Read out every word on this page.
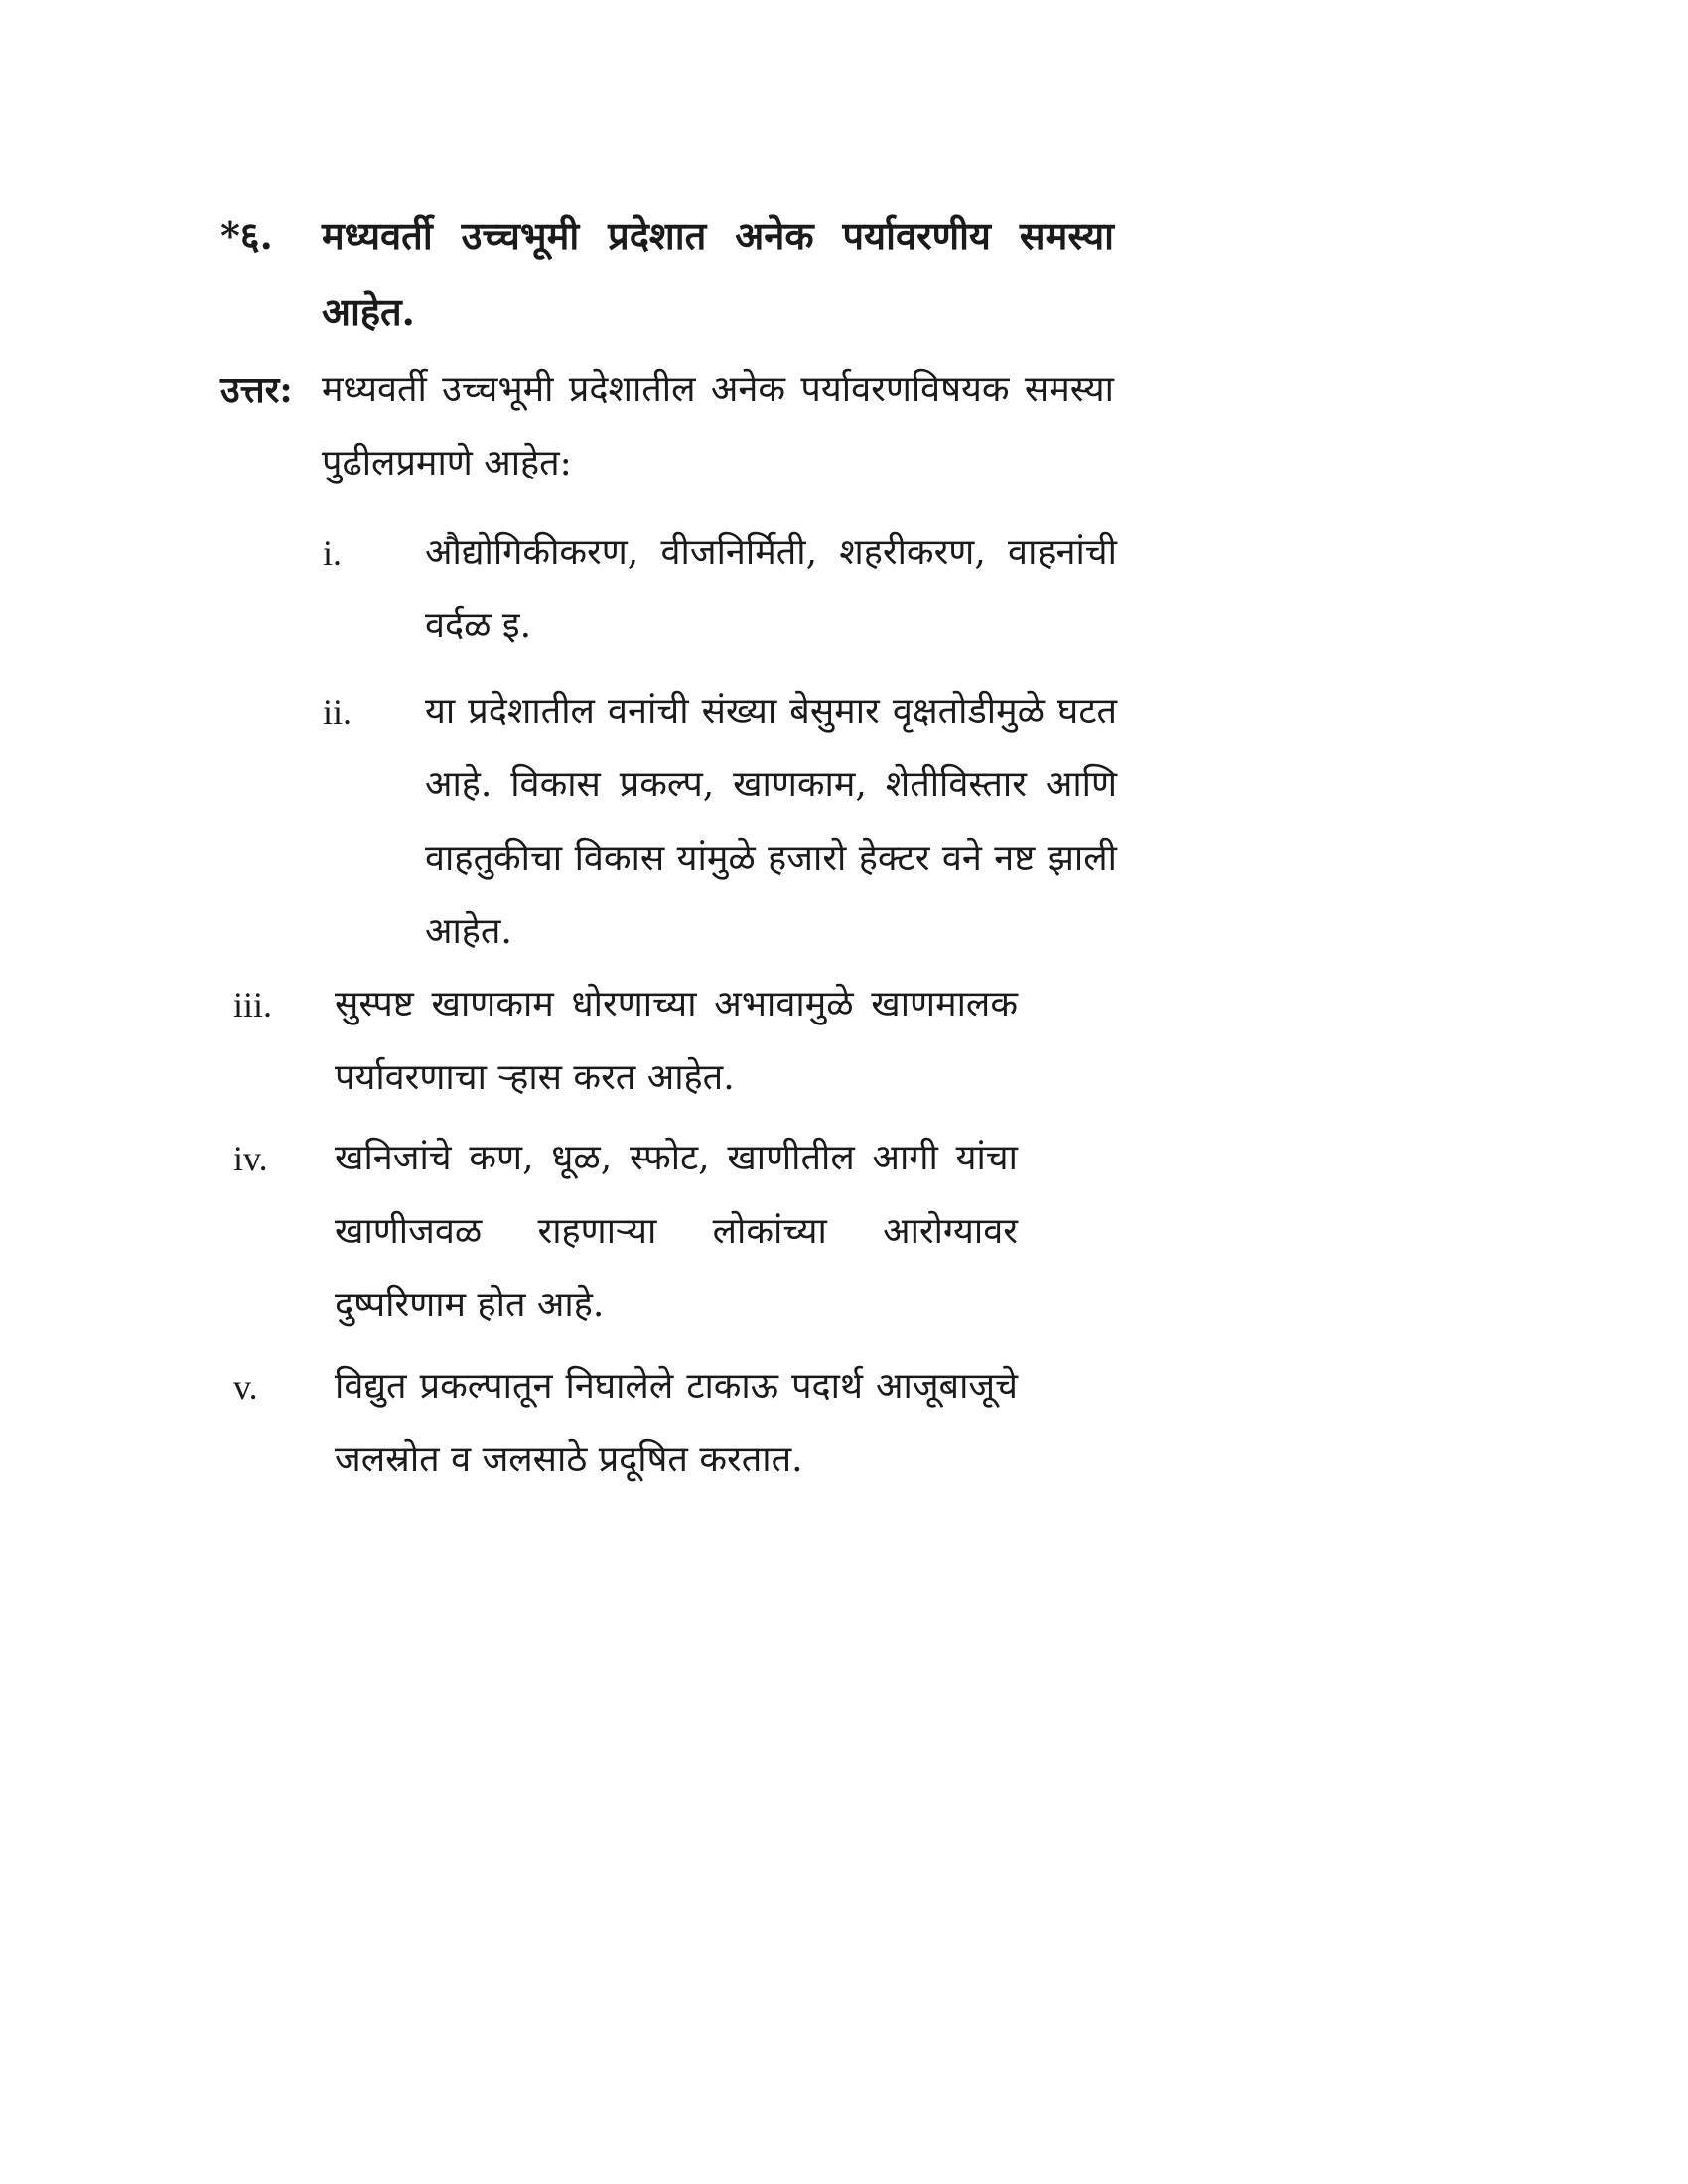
*६. मध्यवर्ती उच्चभूमी प्रदेशात अनेक पर्यावरणीय समस्या आहेत.
उत्तर: मध्यवर्ती उच्चभूमी प्रदेशातील अनेक पर्यावरणविषयक समस्या पुढीलप्रमाणे आहेत:
i. औद्योगिकीकरण, वीजनिर्मिती, शहरीकरण, वाहनांची वर्दळ इ.
ii. या प्रदेशातील वनांची संख्या बेसुमार वृक्षतोडीमुळे घटत आहे. विकास प्रकल्प, खाणकाम, शेतीविस्तार आणि वाहतुकीचा विकास यांमुळे हजारो हेक्टर वने नष्ट झाली आहेत.
iii. सुस्पष्ट खाणकाम धोरणाच्या अभावामुळे खाणमालक पर्यावरणाचा ऱ्हास करत आहेत.
iv. खनिजांचे कण, धूळ, स्फोट, खाणीतील आगी यांचा खाणीजवळ राहणाऱ्या लोकांच्या आरोग्यावर दुष्परिणाम होत आहे.
v. विद्युत प्रकल्पातून निघालेले टाकाऊ पदार्थ आजूबाजूचे जलस्रोत व जलसाठे प्रदूषित करतात.
